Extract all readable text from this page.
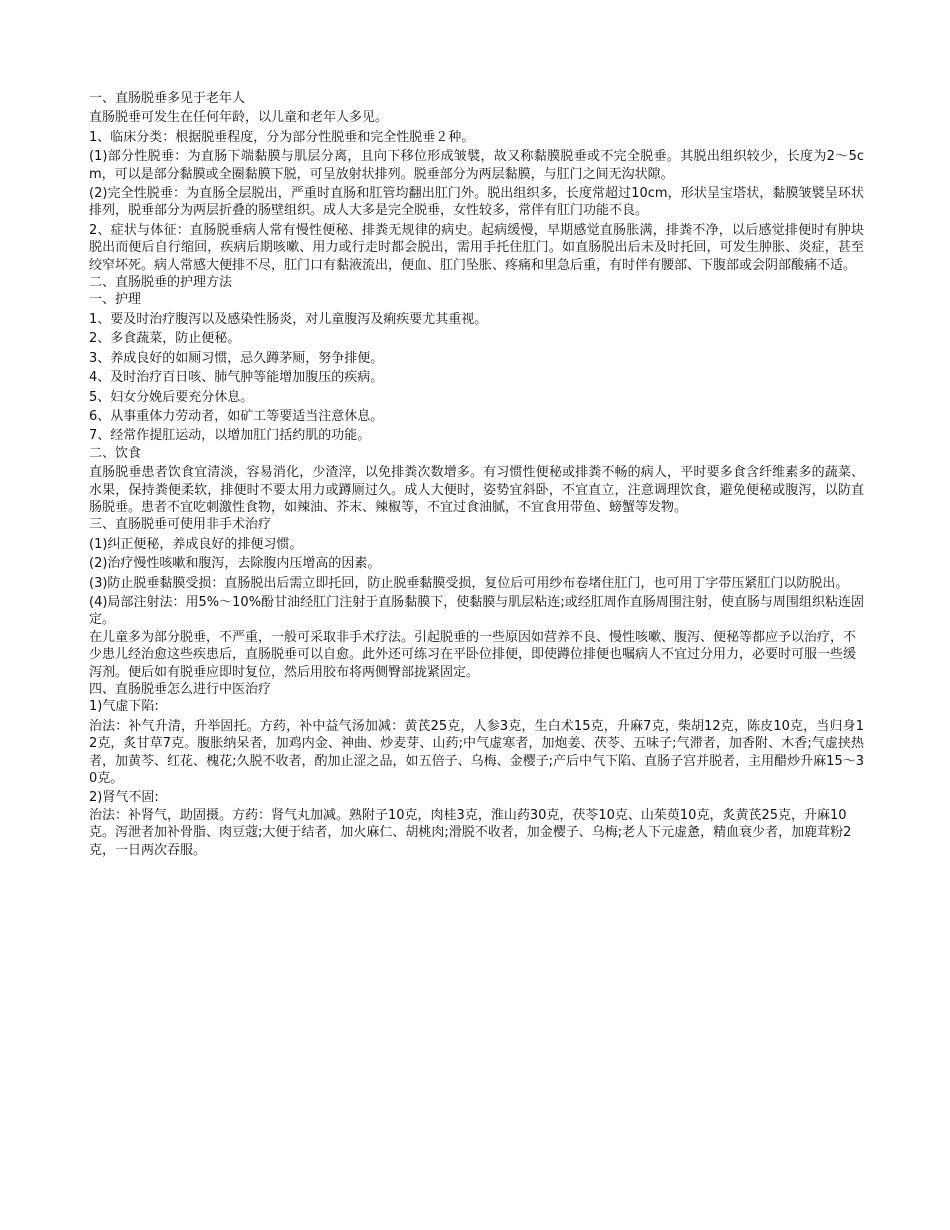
一、直肠脱垂多见于老年人
直肠脱垂可发生在任何年龄，以儿童和老年人多见。
1、临床分类：根据脱垂程度，分为部分性脱垂和完全性脱垂２种。
(1)部分性脱垂：为直肠下端黏膜与肌层分离，且向下移位形成皱襞，故又称黏膜脱垂或不完全脱垂。其脱出组织较少，长度为2～5cm，可以是部分黏膜或全圈黏膜下脱，可呈放射状排列。脱垂部分为两层黏膜，与肛门之间无沟状隙。
(2)完全性脱垂：为直肠全层脱出，严重时直肠和肛管均翻出肛门外。脱出组织多，长度常超过10cm，形状呈宝塔状，黏膜皱襞呈环状排列，脱垂部分为两层折叠的肠壁组织。成人大多是完全脱垂，女性较多，常伴有肛门功能不良。
2、症状与体征：直肠脱垂病人常有慢性便秘、排粪无规律的病史。起病缓慢，早期感觉直肠胀满，排粪不净，以后感觉排便时有肿块脱出而便后自行缩回，疾病后期咳嗽、用力或行走时都会脱出，需用手托住肛门。如直肠脱出后未及时托回，可发生肿胀、炎症，甚至绞窄坏死。病人常感大便排不尽，肛门口有黏液流出，便血、肛门坠胀、疼痛和里急后重，有时伴有腰部、下腹部或会阴部酸痛不适。
二、直肠脱垂的护理方法
一、护理
1、要及时治疗腹泻以及感染性肠炎，对儿童腹泻及痢疾要尤其重视。
2、多食蔬菜，防止便秘。
3、养成良好的如厕习惯，忌久蹲茅厕，努争排便。
4、及时治疗百日咳、肺气肿等能增加腹压的疾病。
5、妇女分娩后要充分休息。
6、从事重体力劳动者，如矿工等要适当注意休息。
7、经常作提肛运动，以增加肛门括约肌的功能。
二、饮食
直肠脱垂患者饮食宜清淡，容易消化，少渣滓，以免排粪次数增多。有习惯性便秘或排粪不畅的病人，平时要多食含纤维素多的蔬菜、水果，保持粪便柔软，排便时不要太用力或蹲厕过久。成人大便时，姿势宜斜卧，不宜直立，注意调理饮食，避免便秘或腹泻，以防直肠脱垂。患者不宜吃刺激性食物，如辣油、芥末、辣椒等，不宜过食油腻，不宜食用带鱼、螃蟹等发物。
三、直肠脱垂可使用非手术治疗
(1)纠正便秘，养成良好的排便习惯。
(2)治疗慢性咳嗽和腹泻，去除腹内压增高的因素。
(3)防止脱垂黏膜受损：直肠脱出后需立即托回，防止脱垂黏膜受损，复位后可用纱布卷堵住肛门，也可用丁字带压紧肛门以防脱出。
(4)局部注射法：用5%～10%酚甘油经肛门注射于直肠黏膜下，使黏膜与肌层粘连;或经肛周作直肠周围注射，使直肠与周围组织粘连固定。
在儿童多为部分脱垂，不严重，一般可采取非手术疗法。引起脱垂的一些原因如营养不良、慢性咳嗽、腹泻、便秘等都应予以治疗，不少患儿经治愈这些疾患后，直肠脱垂可以自愈。此外还可练习在平卧位排便，即使蹲位排便也嘱病人不宜过分用力，必要时可服一些缓泻剂。便后如有脱垂应即时复位，然后用胶布将两侧臀部拢紧固定。
四、直肠脱垂怎么进行中医治疗
1)气虚下陷:
治法：补气升清，升举固托。方药，补中益气汤加减：黄芪25克，人参3克，生白术15克，升麻7克，柴胡12克，陈皮10克，当归身12克，炙甘草7克。腹胀纳呆者，加鸡内金、神曲、炒麦芽、山药;中气虚寒者，加炮姜、茯苓、五味子;气滞者，加香附、木香;气虚挟热者，加黄芩、红花、槐花;久脱不收者，酌加止涩之品，如五倍子、乌梅、金樱子;产后中气下陷、直肠子宫并脱者，主用醋炒升麻15～30克。
2)肾气不固:
治法：补肾气，助固摄。方药：肾气丸加减。熟附子10克，肉桂3克，淮山药30克，茯苓10克、山茱萸10克，炙黄芪25克，升麻10克。泻泄者加补骨脂、肉豆蔻;大便于结者，加火麻仁、胡桃肉;滑脱不收者，加金樱子、乌梅;老人下元虚惫，精血衰少者，加鹿茸粉2克，一日两次吞服。
